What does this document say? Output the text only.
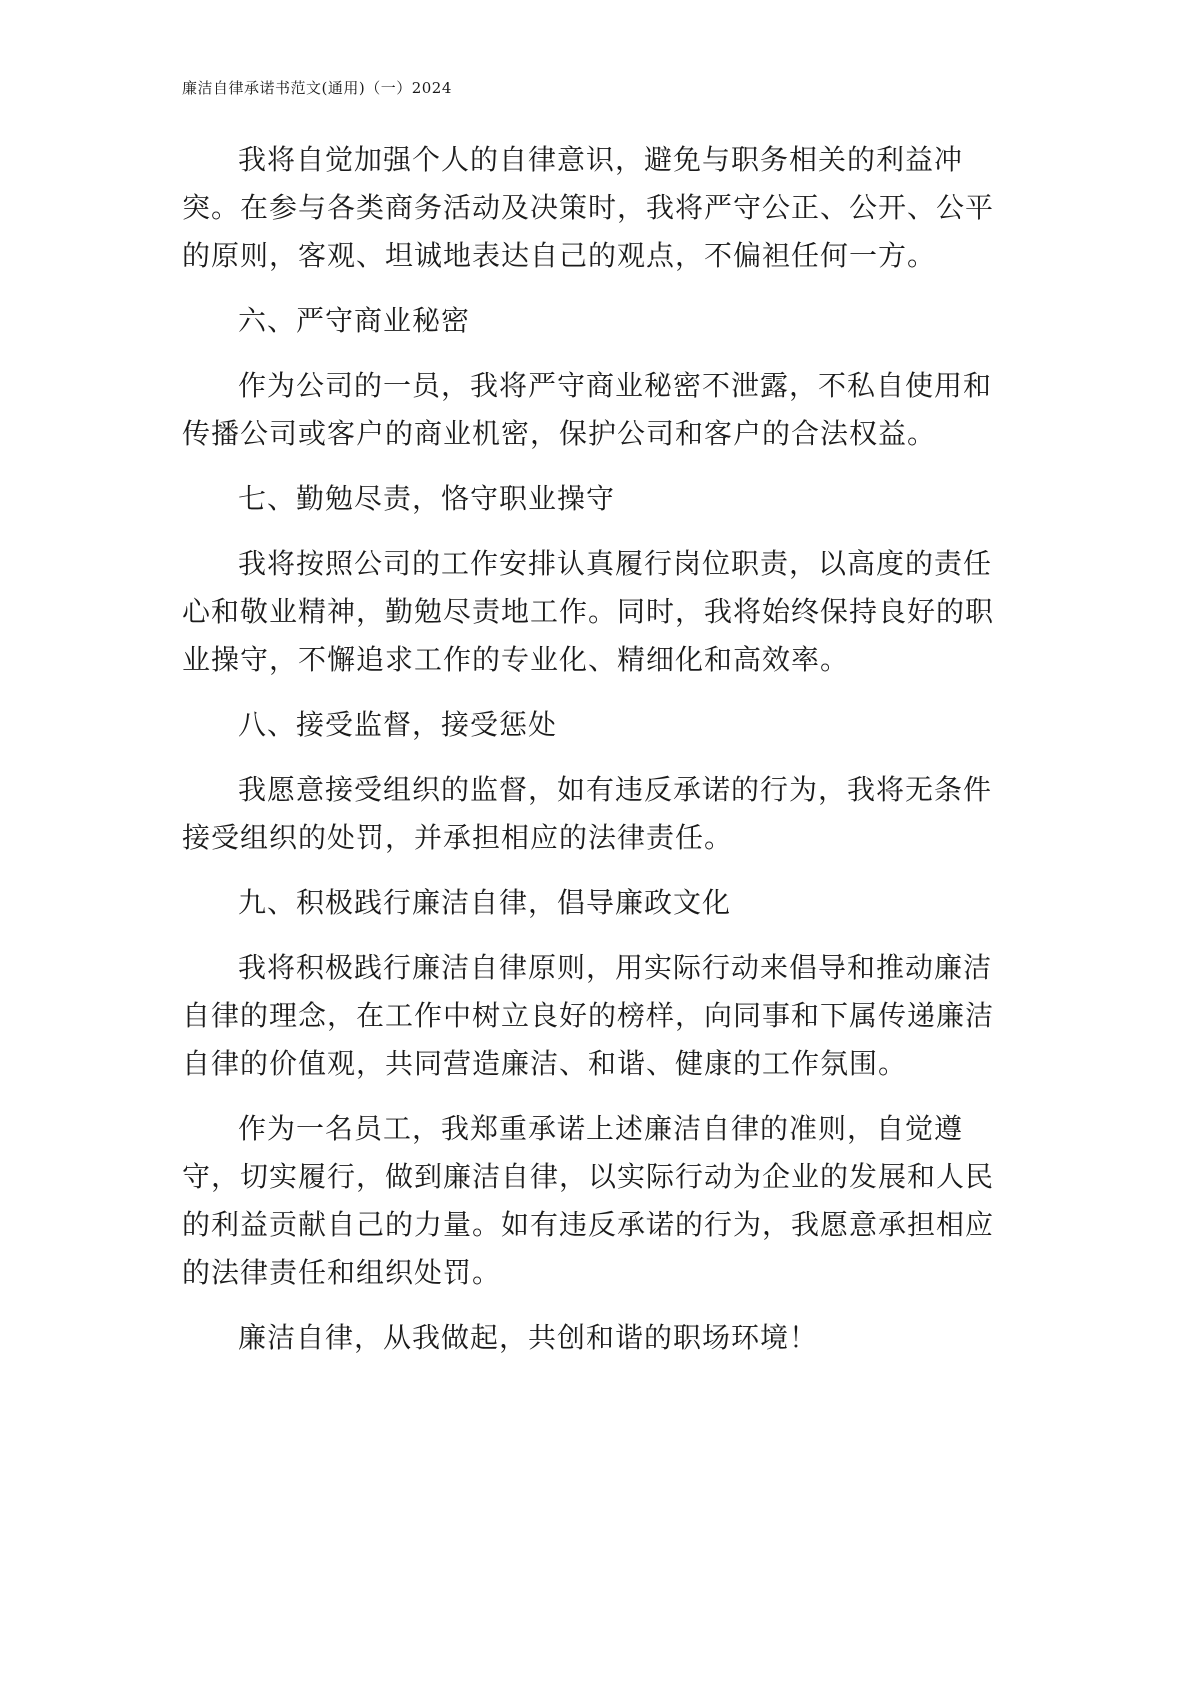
廉洁自律承诺书范文(通用)（一）2024

我将自觉加强个人的自律意识，避免与职务相关的利益冲突。在参与各类商务活动及决策时，我将严守公正、公开、公平的原则，客观、坦诚地表达自己的观点，不偏袒任何一方。

六、严守商业秘密

作为公司的一员，我将严守商业秘密不泄露，不私自使用和传播公司或客户的商业机密，保护公司和客户的合法权益。

七、勤勉尽责，恪守职业操守

我将按照公司的工作安排认真履行岗位职责，以高度的责任心和敬业精神，勤勉尽责地工作。同时，我将始终保持良好的职业操守，不懈追求工作的专业化、精细化和高效率。

八、接受监督，接受惩处

我愿意接受组织的监督，如有违反承诺的行为，我将无条件接受组织的处罚，并承担相应的法律责任。

九、积极践行廉洁自律，倡导廉政文化

我将积极践行廉洁自律原则，用实际行动来倡导和推动廉洁自律的理念，在工作中树立良好的榜样，向同事和下属传递廉洁自律的价值观，共同营造廉洁、和谐、健康的工作氛围。

作为一名员工，我郑重承诺上述廉洁自律的准则，自觉遵守，切实履行，做到廉洁自律，以实际行动为企业的发展和人民的利益贡献自己的力量。如有违反承诺的行为，我愿意承担相应的法律责任和组织处罚。

廉洁自律，从我做起，共创和谐的职场环境！
